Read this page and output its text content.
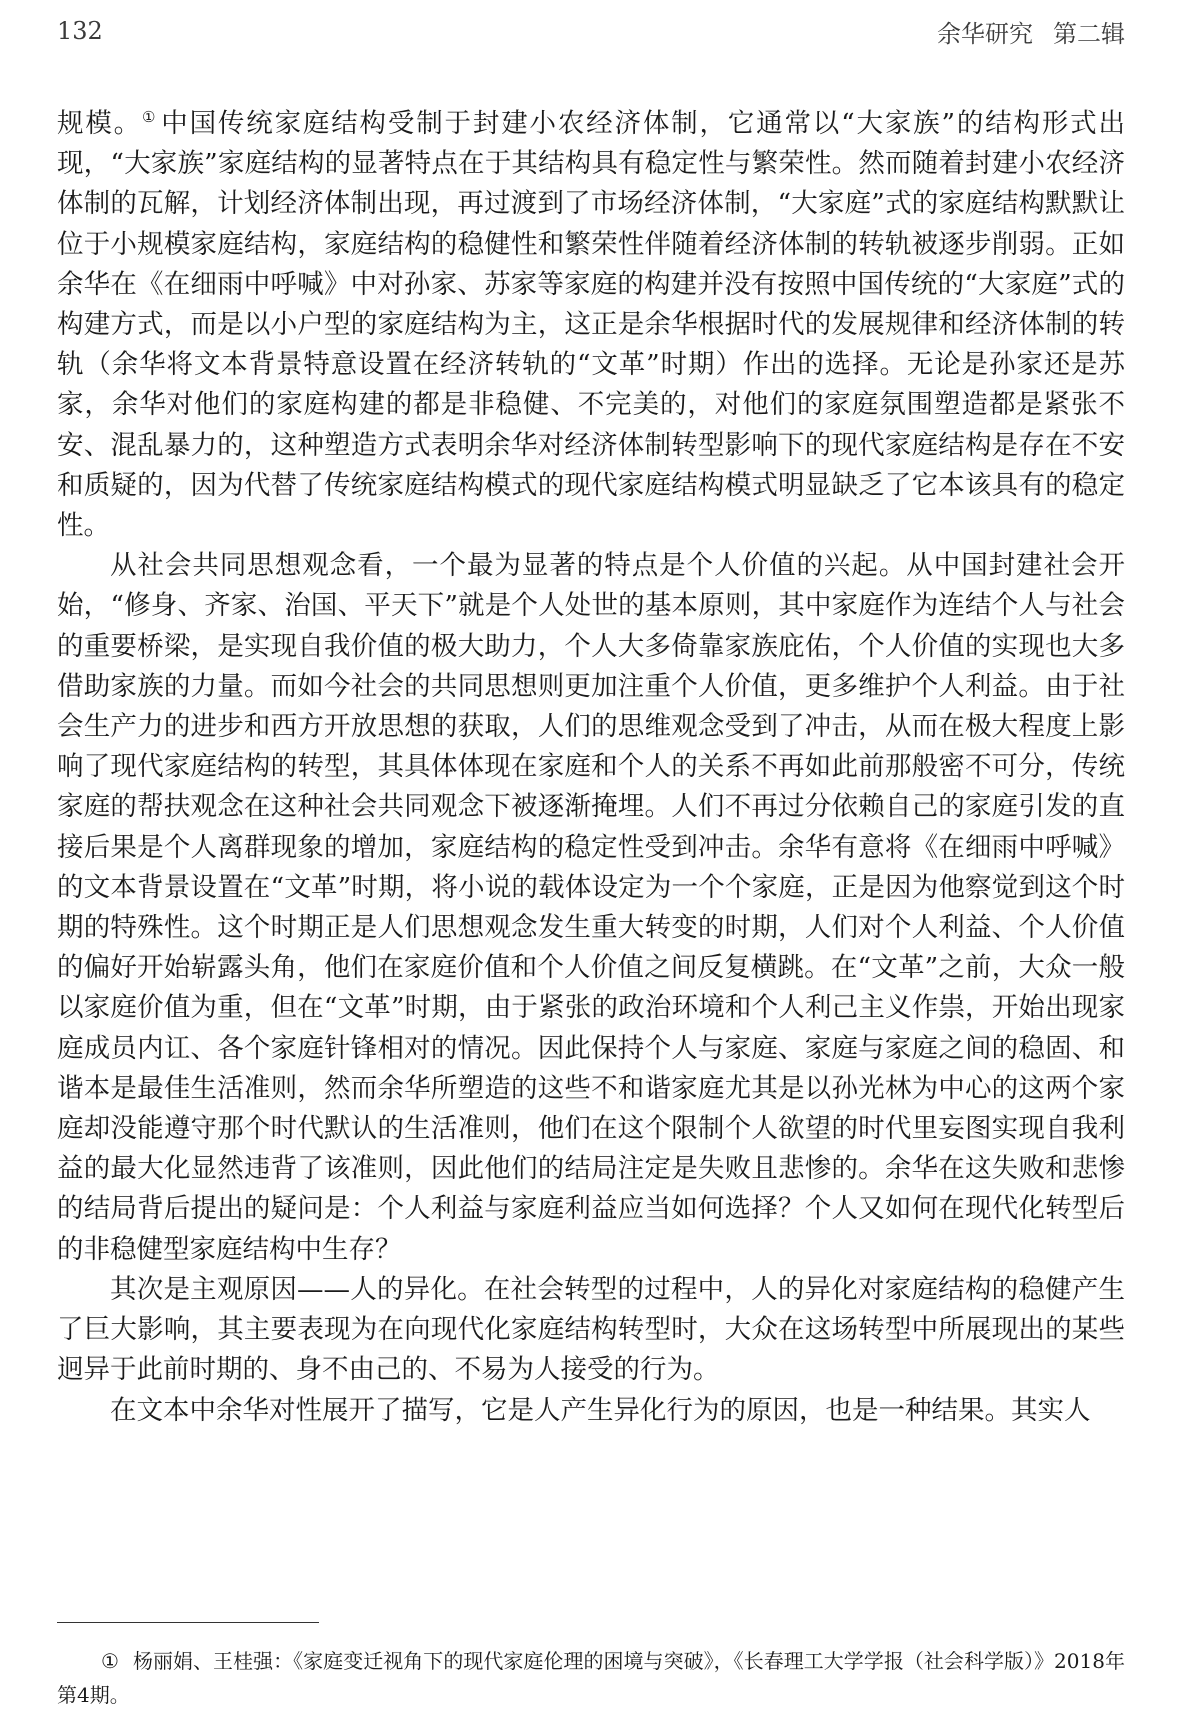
132	余华研究 第二辑

规模。① 中国传统家庭结构受制于封建小农经济体制，它通常以“大家族”的结构形式出现，“大家族”家庭结构的显著特点在于其结构具有稳定性与繁荣性。然而随着封建小农经济体制的瓦解，计划经济体制出现，再过渡到了市场经济体制，“大家庭”式的家庭结构默默让位于小规模家庭结构，家庭结构的稳健性和繁荣性伴随着经济体制的转轨被逐步削弱。正如余华在《在细雨中呼喊》中对孙家、苏家等家庭的构建并没有按照中国传统的“大家庭”式的构建方式，而是以小户型的家庭结构为主，这正是余华根据时代的发展规律和经济体制的转轨（余华将文本背景特意设置在经济转轨的“文革”时期）作出的选择。无论是孙家还是苏家，余华对他们的家庭构建的都是非稳健、不完美的，对他们的家庭氛围塑造都是紧张不安、混乱暴力的，这种塑造方式表明余华对经济体制转型影响下的现代家庭结构是存在不安和质疑的，因为代替了传统家庭结构模式的现代家庭结构模式明显缺乏了它本该具有的稳定性。

从社会共同思想观念看，一个最为显著的特点是个人价值的兴起。从中国封建社会开始，“修身、齐家、治国、平天下”就是个人处世的基本原则，其中家庭作为连结个人与社会的重要桥梁，是实现自我价值的极大助力，个人大多倚靠家族庇佑，个人价值的实现也大多借助家族的力量。而如今社会的共同思想则更加注重个人价值，更多维护个人利益。由于社会生产力的进步和西方开放思想的获取，人们的思维观念受到了冲击，从而在极大程度上影响了现代家庭结构的转型，其具体体现在家庭和个人的关系不再如此前那般密不可分，传统家庭的帮扶观念在这种社会共同观念下被逐渐掩埋。人们不再过分依赖自己的家庭引发的直接后果是个人离群现象的增加，家庭结构的稳定性受到冲击。余华有意将《在细雨中呼喊》的文本背景设置在“文革”时期，将小说的载体设定为一个个家庭，正是因为他察觉到这个时期的特殊性。这个时期正是人们思想观念发生重大转变的时期，人们对个人利益、个人价值的偏好开始崭露头角，他们在家庭价值和个人价值之间反复横跳。在“文革”之前，大众一般以家庭价值为重，但在“文革”时期，由于紧张的政治环境和个人利己主义作祟，开始出现家庭成员内讧、各个家庭针锋相对的情况。因此保持个人与家庭、家庭与家庭之间的稳固、和谐本是最佳生活准则，然而余华所塑造的这些不和谐家庭尤其是以孙光林为中心的这两个家庭却没能遵守那个时代默认的生活准则，他们在这个限制个人欲望的时代里妄图实现自我利益的最大化显然违背了该准则，因此他们的结局注定是失败且悲惨的。余华在这失败和悲惨的结局背后提出的疑问是：个人利益与家庭利益应当如何选择？个人又如何在现代化转型后的非稳健型家庭结构中生存？

其次是主观原因——人的异化。在社会转型的过程中，人的异化对家庭结构的稳健产生了巨大影响，其主要表现为在向现代化家庭结构转型时，大众在这场转型中所展现出的某些迥异于此前时期的、身不由己的、不易为人接受的行为。

在文本中余华对性展开了描写，它是人产生异化行为的原因，也是一种结果。其实人

① 杨丽娟、王桂强：《家庭变迁视角下的现代家庭伦理的困境与突破》，《长春理工大学学报（社会科学版）》2018年第4期。
